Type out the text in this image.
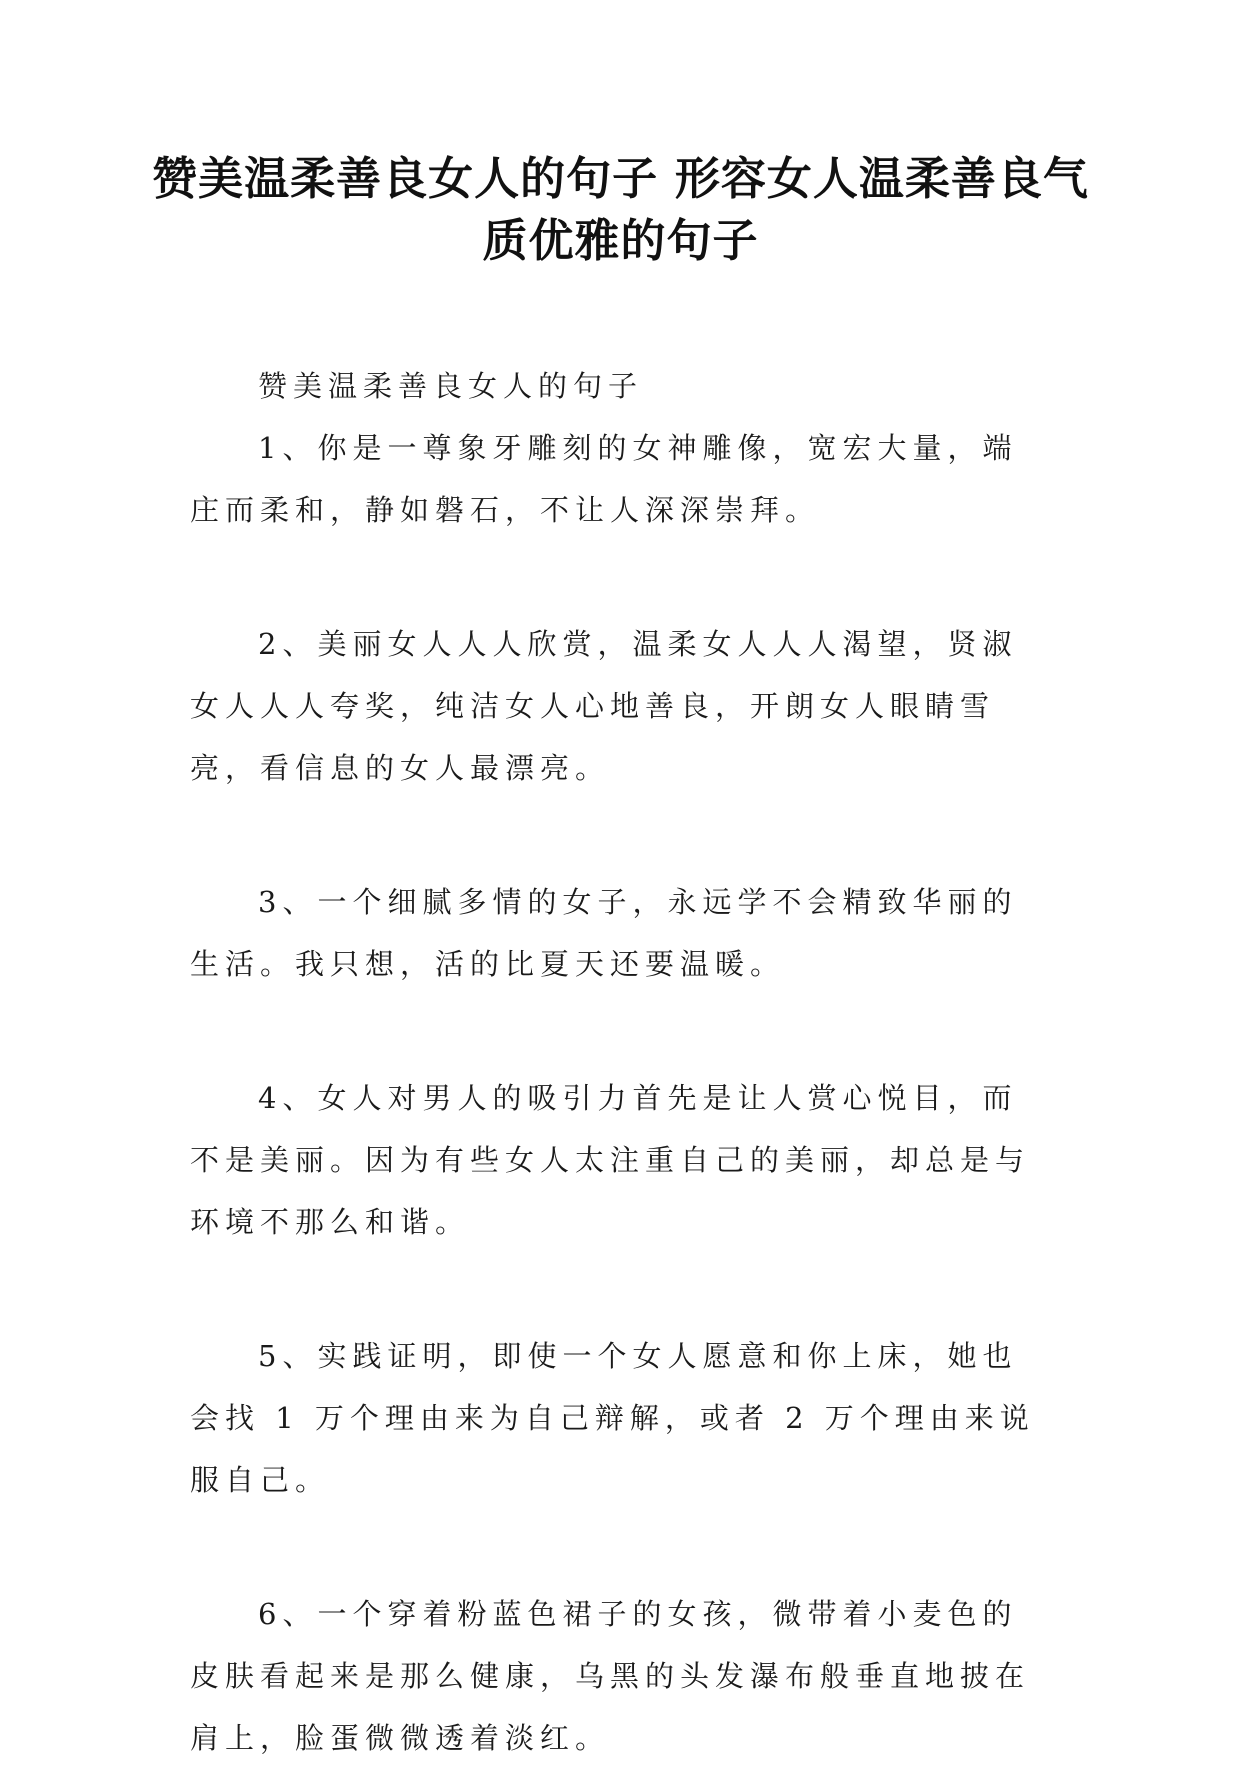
赞美温柔善良女人的句子 形容女人温柔善良气质优雅的句子

赞美温柔善良女人的句子

1、你是一尊象牙雕刻的女神雕像，宽宏大量，端庄而柔和，静如磐石，不让人深深崇拜。

2、美丽女人人人欣赏，温柔女人人人渴望，贤淑女人人人夸奖，纯洁女人心地善良，开朗女人眼睛雪亮，看信息的女人最漂亮。

3、一个细腻多情的女子，永远学不会精致华丽的生活。我只想，活的比夏天还要温暖。

4、女人对男人的吸引力首先是让人赏心悦目，而不是美丽。因为有些女人太注重自己的美丽，却总是与环境不那么和谐。

5、实践证明，即使一个女人愿意和你上床，她也会找 1 万个理由来为自己辩解，或者 2 万个理由来说服自己。

6、一个穿着粉蓝色裙子的女孩，微带着小麦色的皮肤看起来是那么健康，乌黑的头发瀑布般垂直地披在肩上，脸蛋微微透着淡红。
